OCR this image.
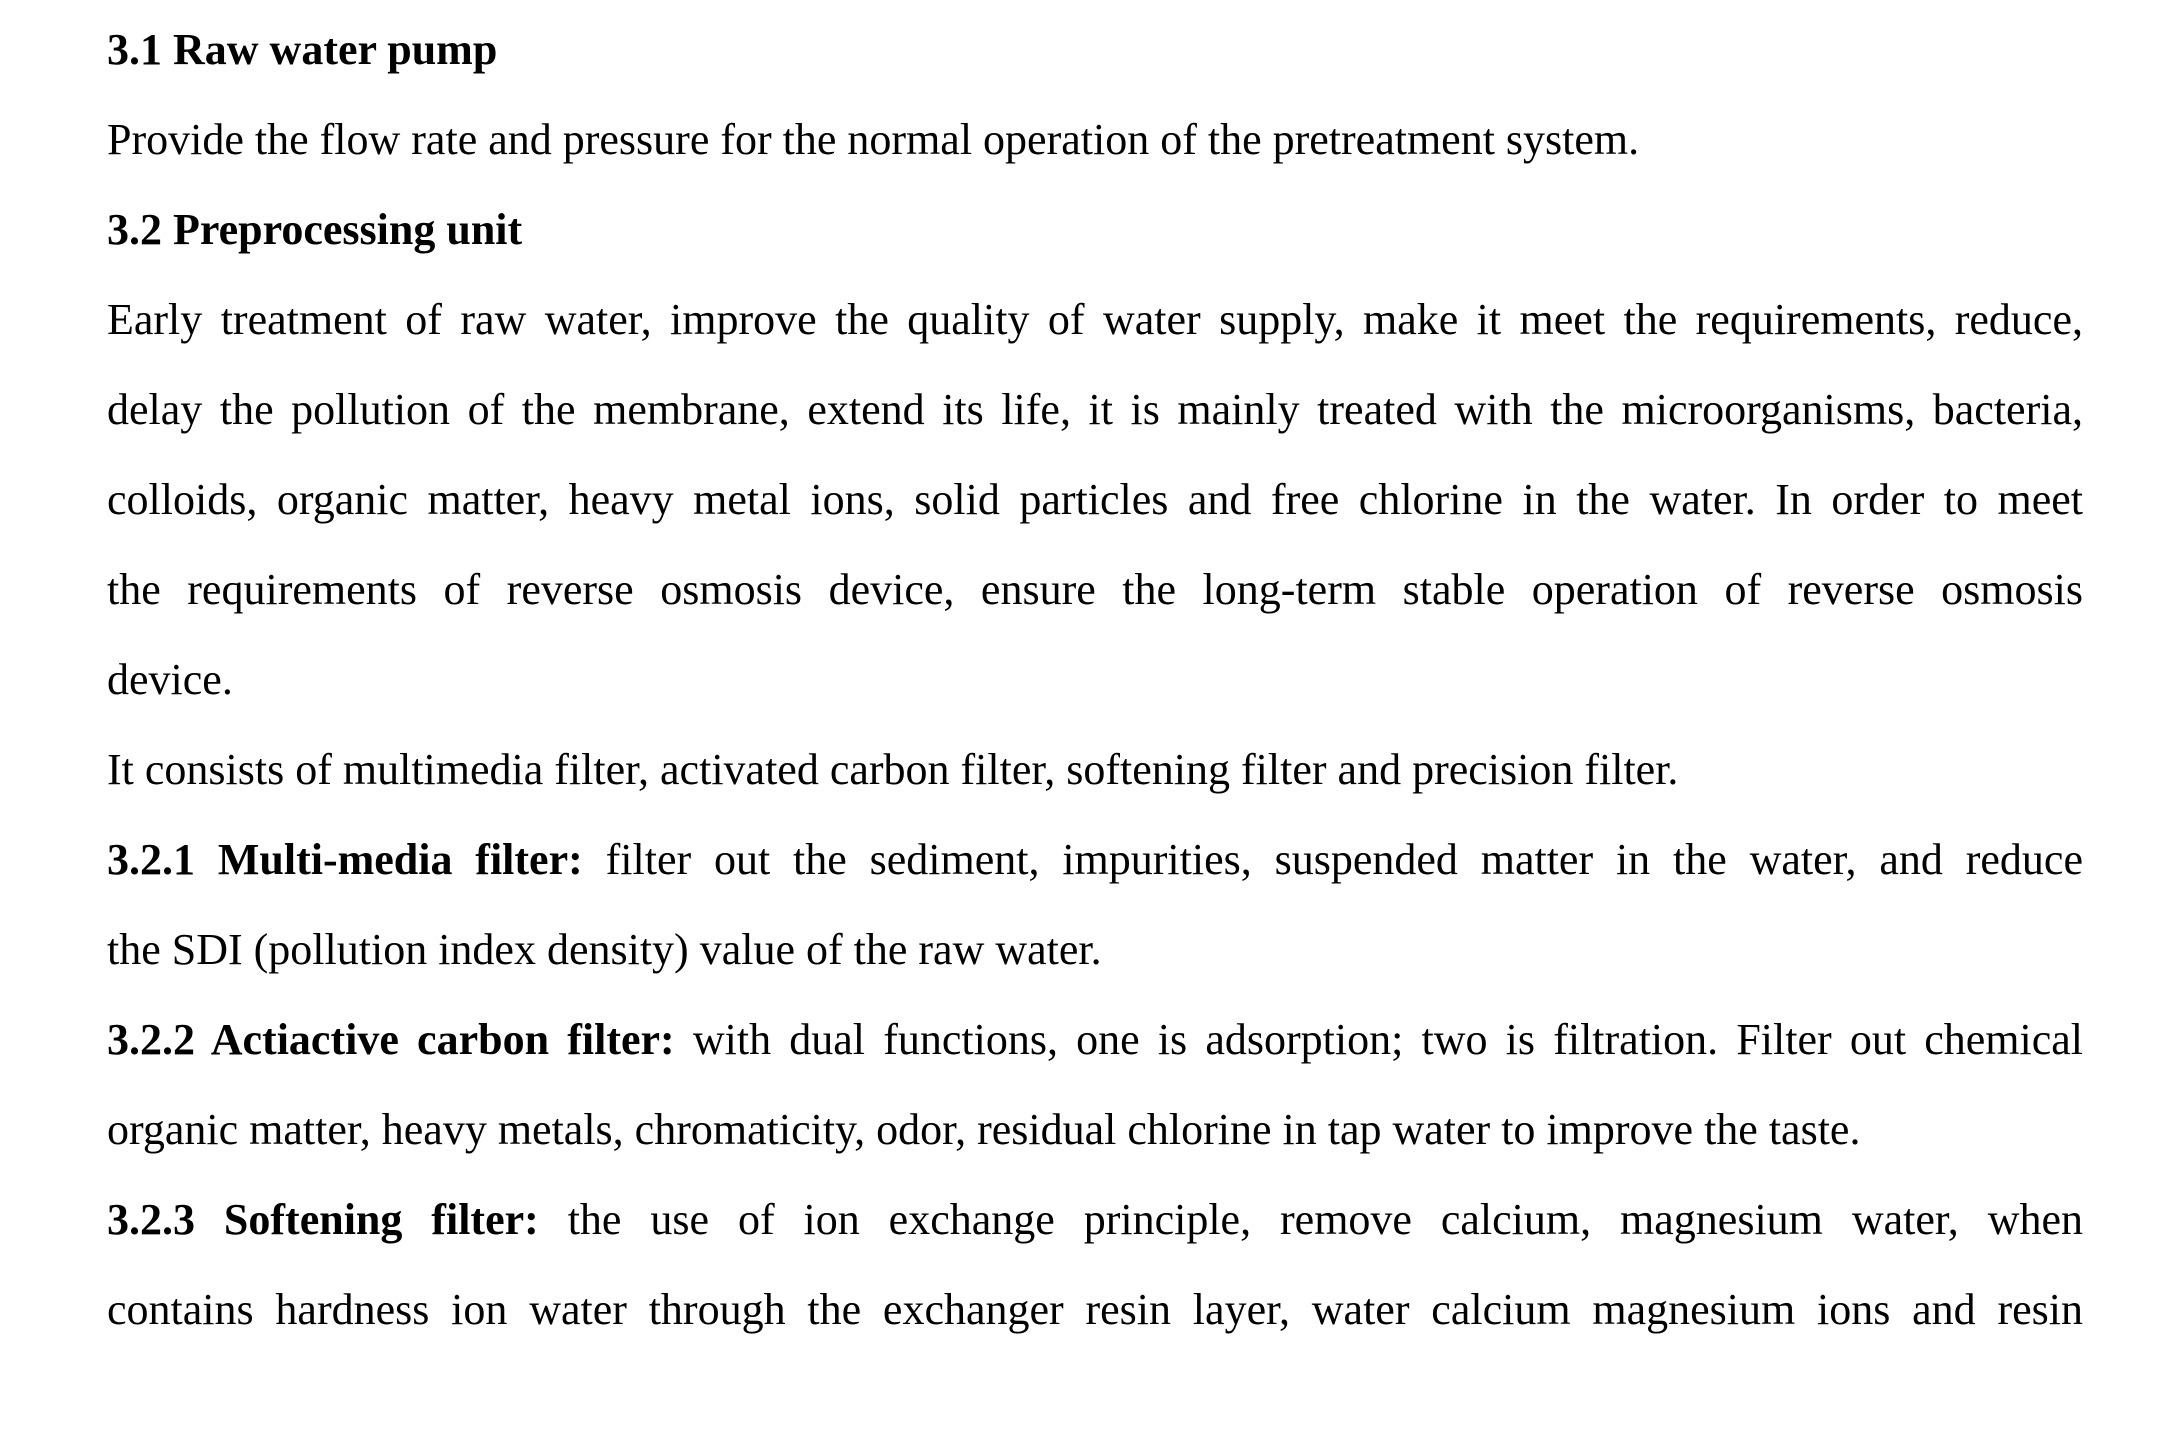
3.1 Raw water pump
Provide the flow rate and pressure for the normal operation of the pretreatment system.
3.2 Preprocessing unit
Early treatment of raw water, improve the quality of water supply, make it meet the requirements, reduce,
delay the pollution of the membrane, extend its life, it is mainly treated with the microorganisms, bacteria,
colloids, organic matter, heavy metal ions, solid particles and free chlorine in the water. In order to meet
the requirements of reverse osmosis device, ensure the long-term stable operation of reverse osmosis
device.
It consists of multimedia filter, activated carbon filter, softening filter and precision filter.
3.2.1 Multi-media filter: filter out the sediment, impurities, suspended matter in the water, and reduce
the SDI (pollution index density) value of the raw water.
3.2.2 Actiactive carbon filter: with dual functions, one is adsorption; two is filtration. Filter out chemical
organic matter, heavy metals, chromaticity, odor, residual chlorine in tap water to improve the taste.
3.2.3 Softening filter: the use of ion exchange principle, remove calcium, magnesium water, when
contains hardness ion water through the exchanger resin layer, water calcium magnesium ions and resin
